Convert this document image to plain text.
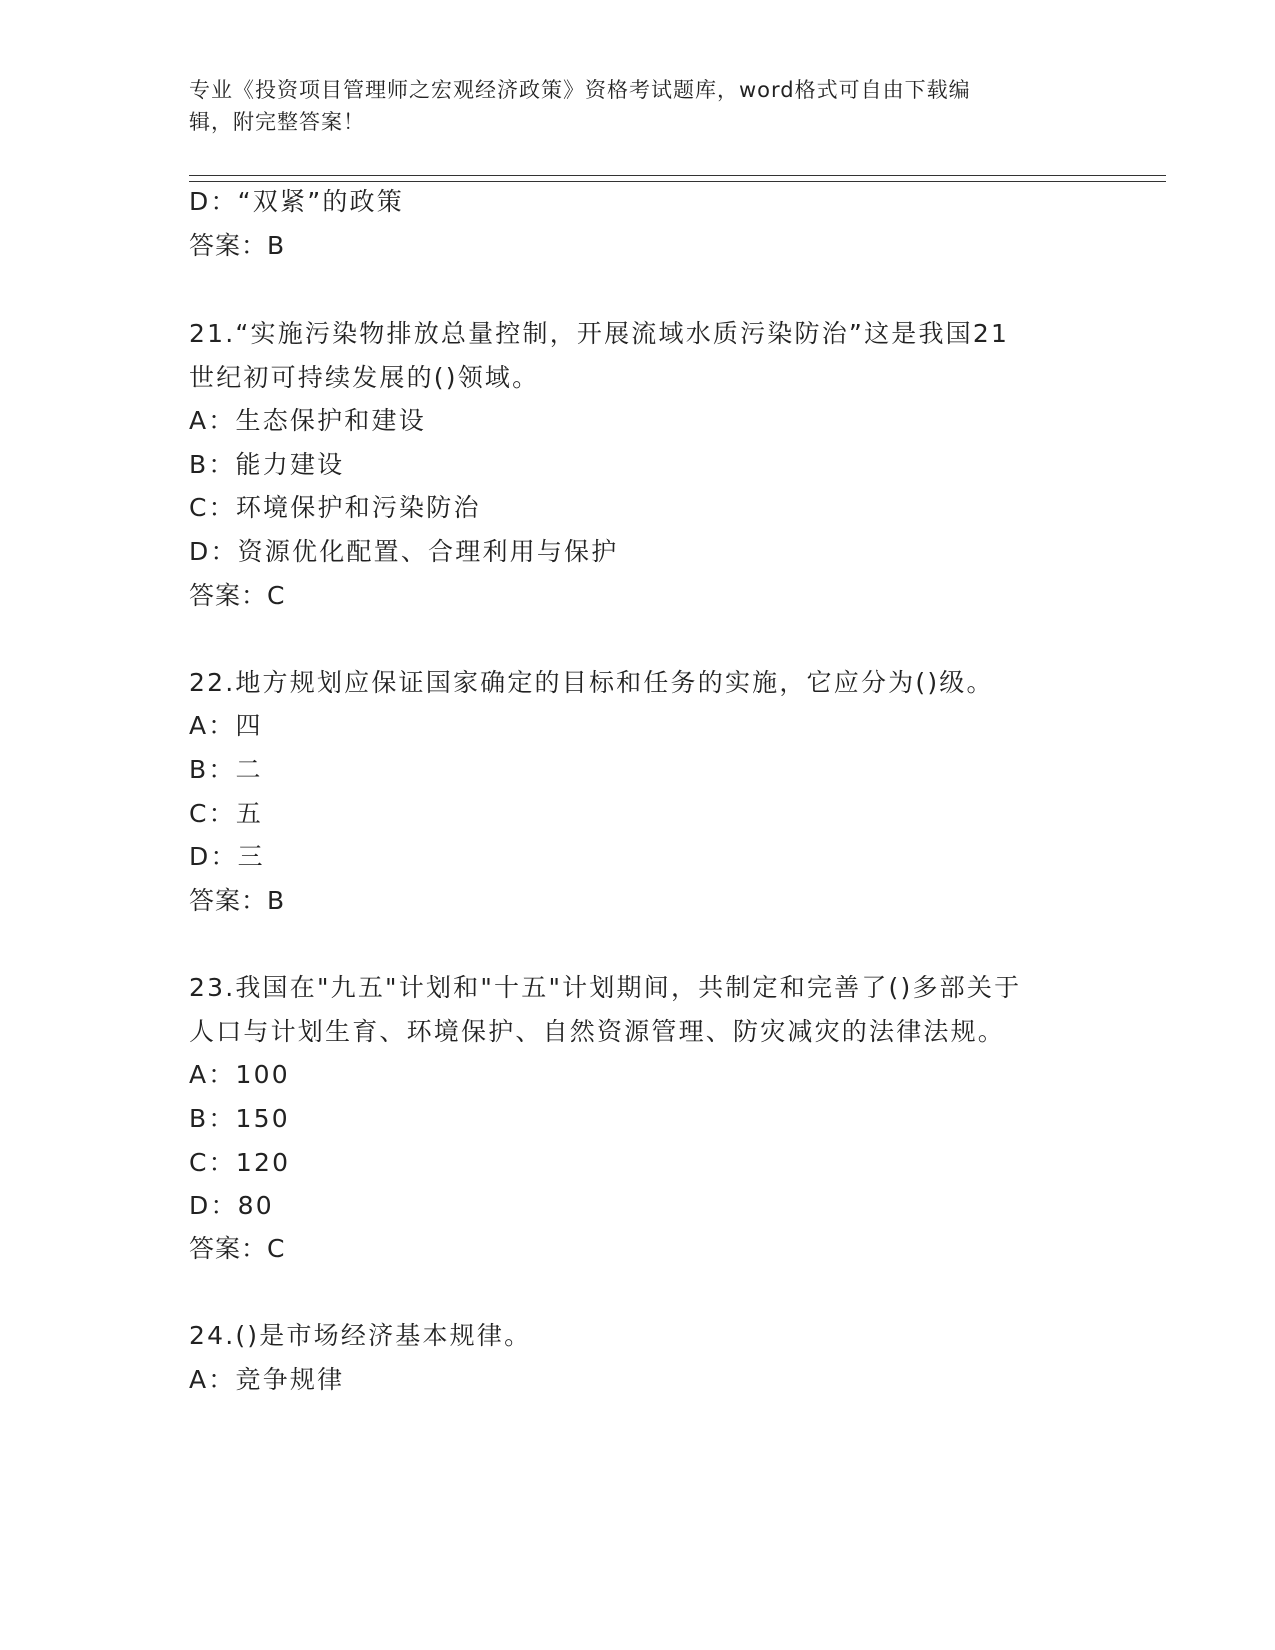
专业《投资项目管理师之宏观经济政策》资格考试题库，word格式可自由下载编
辑，附完整答案！
D：“双紧”的政策
答案：B
21.“实施污染物排放总量控制，开展流域水质污染防治”这是我国21
世纪初可持续发展的()领域。
A：生态保护和建设
B：能力建设
C：环境保护和污染防治
D：资源优化配置、合理利用与保护
答案：C
22.地方规划应保证国家确定的目标和任务的实施，它应分为()级。
A：四
B：二
C：五
D：三
答案：B
23.我国在"九五"计划和"十五"计划期间，共制定和完善了()多部关于
人口与计划生育、环境保护、自然资源管理、防灾减灾的法律法规。
A：100
B：150
C：120
D：80
答案：C
24.()是市场经济基本规律。
A：竞争规律
